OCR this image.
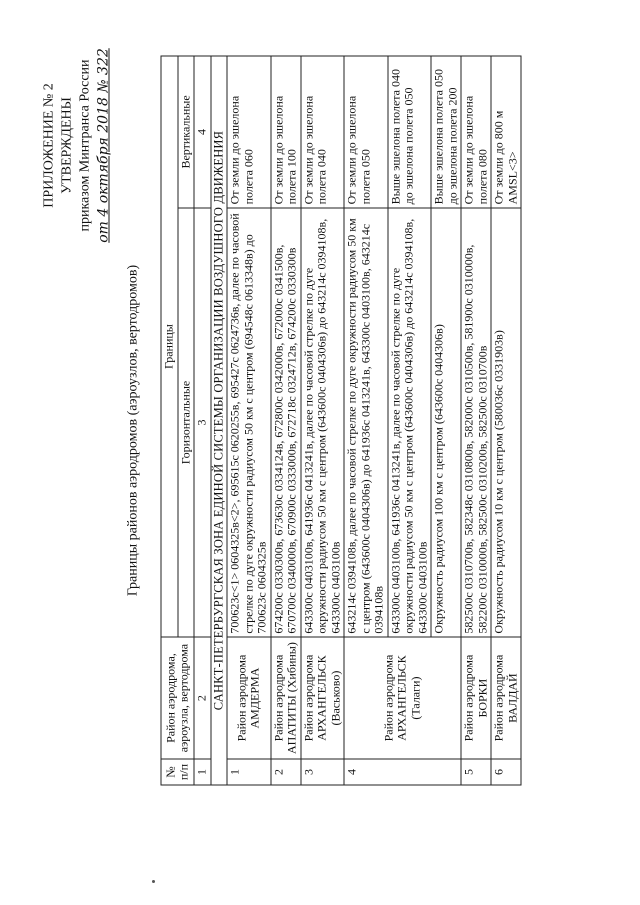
ПРИЛОЖЕНИЕ № 2 УТВЕРЖДЕНЫ приказом Минтранса России от 4 октября 2018 № 322
Границы районов аэродромов (аэроузлов, вертодромов)
№ п/п	Район аэродрома, аэроузла, вертодрома	Границы	
		Горизонтальные	Вертикальные
1	2	3	4
САНКТ-ПЕТЕРБУРГСКАЯ ЗОНА ЕДИНОЙ СИСТЕМЫ ОРГАНИЗАЦИИ ВОЗДУШНОГО ДВИЖЕНИЯ			
1	Район аэродрома АМДЕРМА	700623с<1> 0604325в<2>, 695615с 0620255в, 695427с 0624736в, далее по часовой стрелке по дуге окружности радиусом 50 км с центром (694548с 0613348в) до 700623с 0604325в	От земли до эшелона полета 060
2	Район аэродрома АПАТИТЫ (Хибины)	674200с 0330300в, 673630с 0334124в, 672800с 0342000в, 672000с 0341500в, 670700с 0340000в, 670900с 0333000в, 672718с 0324712в, 674200с 0330300в	От земли до эшелона полета 100
3	Район аэродрома АРХАНГЕЛЬСК (Васьково)	643300с 0403100в, 641936с 0413241в, далее по часовой стрелке по дуге окружности радиусом 50 км с центром (643600с 0404306в) до 643214с 0394108в, 643300с 0403100в	От земли до эшелона полета 040
4	Район аэродрома АРХАНГЕЛЬСК (Талаги)	643214с 0394108в, далее по часовой стрелке по дуге окружности радиусом 50 км с центром (643600с 0404306в) до 641936с 0413241в, 643300с 0403100в, 643214с 0394108в	От земли до эшелона полета 050
		643300с 0403100в, 641936с 0413241в, далее по часовой стрелке по дуге окружности радиусом 50 км с центром (643600с 0404306в) до 643214с 0394108в, 643300с 0403100в	Выше эшелона полета 040 до эшелона полета 050
		Окружность радиусом 100 км с центром (643600с 0404306в)	Выше эшелона полета 050 до эшелона полета 200
5	Район аэродрома БОРКИ	582500с 0310700в, 582348с 0310800в, 582000с 0310500в, 581900с 0310000в, 582200с 0310000в, 582500с 0310200в, 582500с 0310700в	От земли до эшелона полета 080
6	Район аэродрома ВАЛДАЙ	Окружность радиусом 10 км с центром (580036с 0331903в)	От земли до 800 м AMSL<3>
